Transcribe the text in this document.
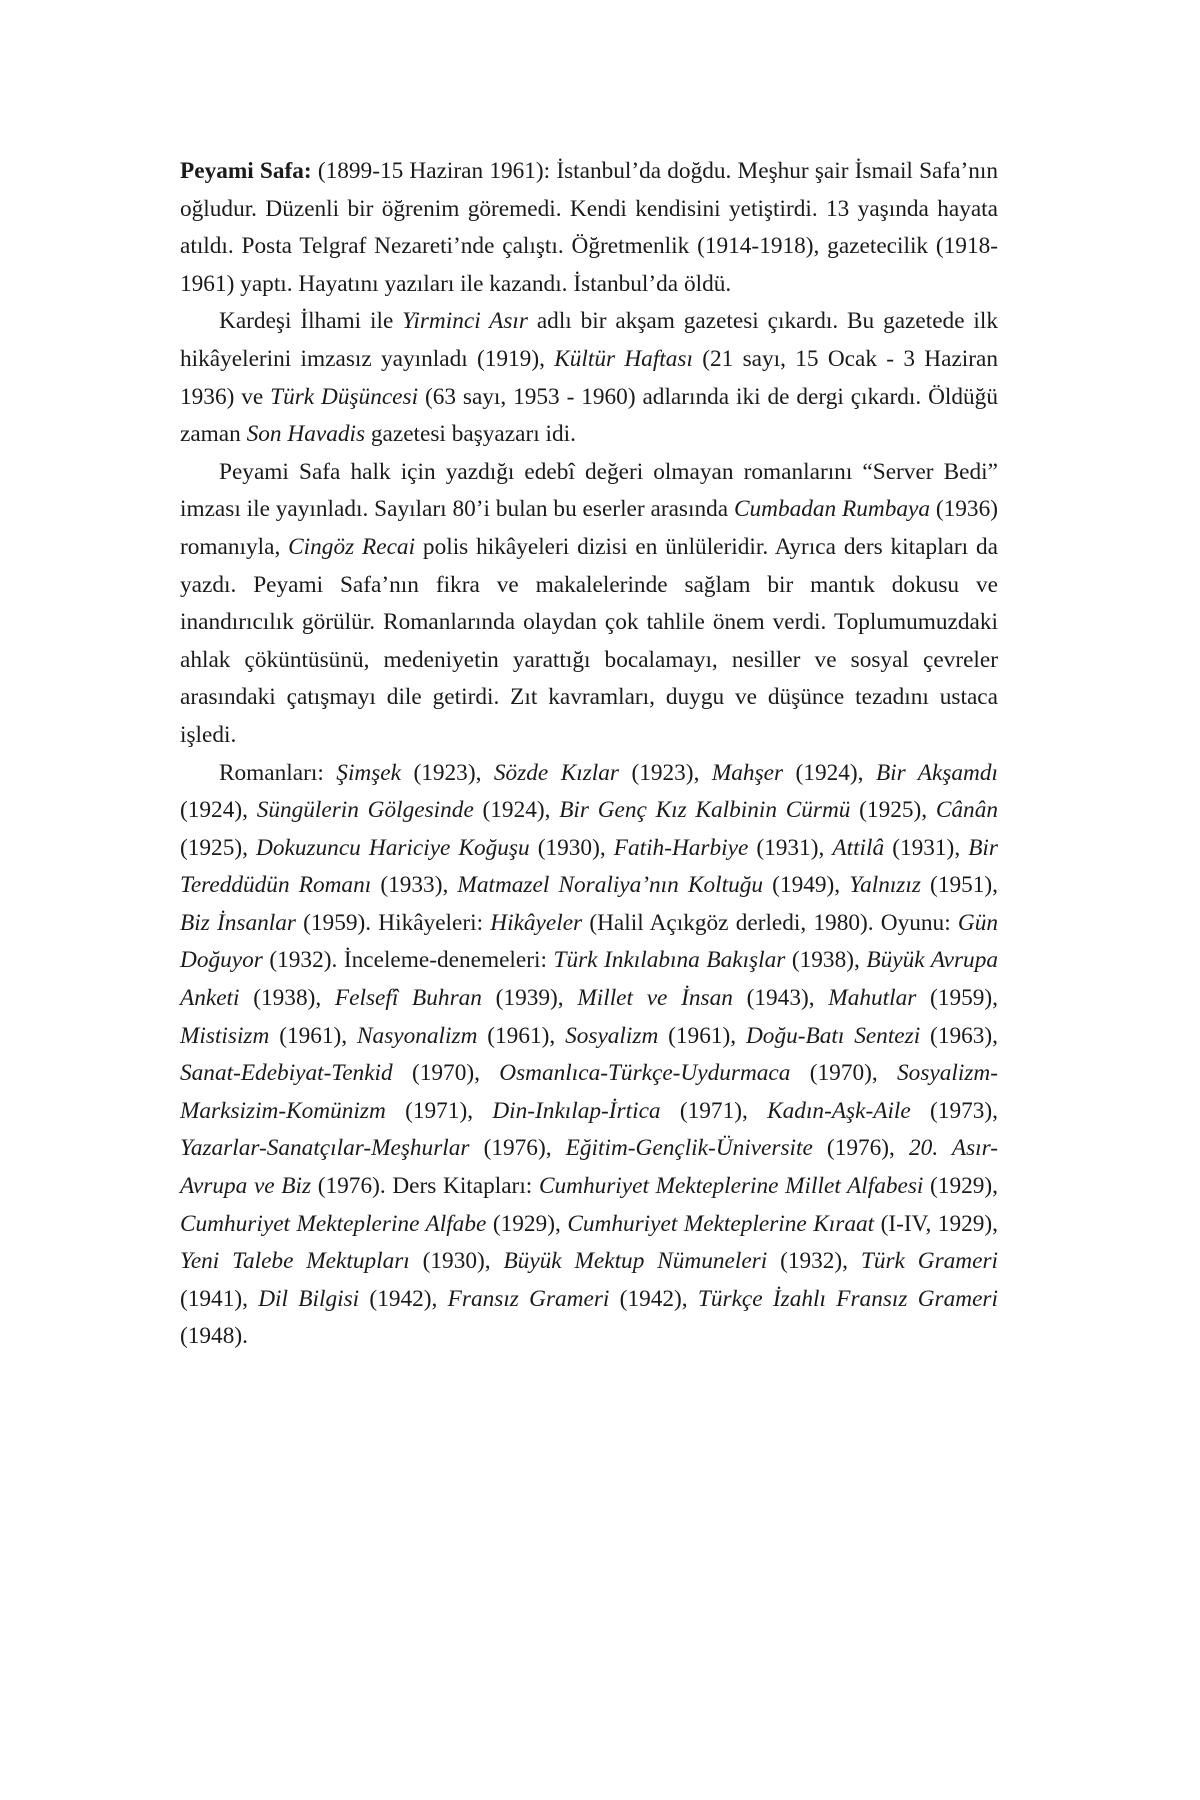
Peyami Safa: (1899-15 Haziran 1961): İstanbul’da doğdu. Meşhur şair İsmail Safa’nın oğludur. Düzenli bir öğrenim göremedi. Kendi kendisini yetiştirdi. 13 yaşında hayata atıldı. Posta Telgraf Nezareti’nde çalıştı. Öğretmenlik (1914-1918), gazetecilik (1918-1961) yaptı. Hayatını yazıları ile kazandı. İstanbul’da öldü.

Kardeşi İlhami ile Yirminci Asır adlı bir akşam gazetesi çıkardı. Bu gazetede ilk hikâyelerini imzasız yayınladı (1919), Kültür Haftası (21 sayı, 15 Ocak - 3 Haziran 1936) ve Türk Düşüncesi (63 sayı, 1953 - 1960) adlarında iki de dergi çıkardı. Öldüğü zaman Son Havadis gazetesi başyazarı idi.

Peyami Safa halk için yazdığı edebî değeri olmayan romanlarını “Server Bedi” imzası ile yayınladı. Sayıları 80’i bulan bu eserler arasında Cumbadan Rumbaya (1936) romanıyla, Cingöz Recai polis hikâyeleri dizisi en ünlüleridir. Ayrıca ders kitapları da yazdı. Peyami Safa’nın fikra ve makalelerinde sağlam bir mantık dokusu ve inandırıcılık görülür. Romanlarında olaydan çok tahlile önem verdi. Toplumumuzdaki ahlak çöküntüsünü, medeniyetin yarattığı bocalamayı, nesiller ve sosyal çevreler arasındaki çatışmayı dile getirdi. Zıt kavramları, duygu ve düşünce tezadını ustaca işledi.

Romanları: Şimşek (1923), Sözde Kızlar (1923), Mahşer (1924), Bir Akşamdı (1924), Süngülerin Gölgesinde (1924), Bir Genç Kız Kalbinin Cürmü (1925), Cânân (1925), Dokuzuncu Hariciye Koğuşu (1930), Fatih-Harbiye (1931), Attilâ (1931), Bir Tereddüdün Romanı (1933), Matmazel Noraliya’nın Koltuğu (1949), Yalnızız (1951), Biz İnsanlar (1959). Hikâyeleri: Hikâyeler (Halil Açıkgöz derledi, 1980). Oyunu: Gün Doğuyor (1932). İnceleme-denemeleri: Türk Inkılabına Bakışlar (1938), Büyük Avrupa Anketi (1938), Felsefî Buhran (1939), Millet ve İnsan (1943), Mahutlar (1959), Mistisizm (1961), Nasyonalizm (1961), Sosyalizm (1961), Doğu-Batı Sentezi (1963), Sanat-Edebiyat-Tenkid (1970), Osmanlıca-Türkçe-Uydurmaca (1970), Sosyalizm-Marksizim-Komünizm (1971), Din-Inkılap-İrtica (1971), Kadın-Aşk-Aile (1973), Yazarlar-Sanatçılar-Meşhurlar (1976), Eğitim-Gençlik-Üniversite (1976), 20. Asır-Avrupa ve Biz (1976). Ders Kitapları: Cumhuriyet Mekteplerine Millet Alfabesi (1929), Cumhuriyet Mekteplerine Alfabe (1929), Cumhuriyet Mekteplerine Kıraat (I-IV, 1929), Yeni Talebe Mektupları (1930), Büyük Mektup Nümuneleri (1932), Türk Grameri (1941), Dil Bilgisi (1942), Fransız Grameri (1942), Türkçe İzahlı Fransız Grameri (1948).
